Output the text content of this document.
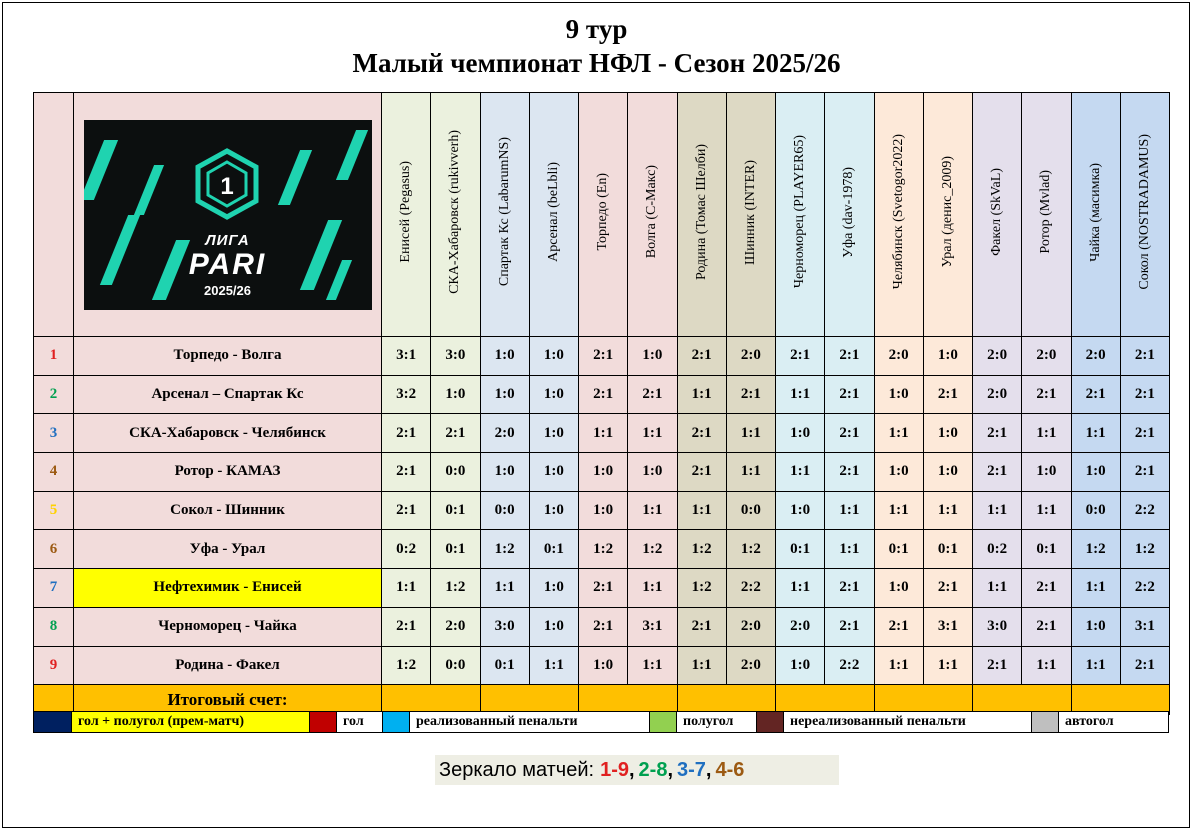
9 тур
Малый чемпионат НФЛ - Сезон 2025/26

1
ЛИГА
PARI
2025/26	Енисей (Pegasus)	СКА-Хабаровск (rukivverh)	Спартак Кс (LabarumNS)	Арсенал (beLbli)	Торпедо (En)	Волга (С-Макс)	Родина (Томас Шелби)	Шинник (INTER)	Черноморец (PLAYER65)	Уфа (dav-1978)	Челябинск (Svetogor2022)	Урал (денис_2009)	Факел (SkVaL)	Ротор (Mvlad)	Чайка (масимка)	Сокол (NOSTRADAMUS)
1	Торпедо - Волга	3:1	3:0	1:0	1:0	2:1	1:0	2:1	2:0	2:1	2:1	2:0	1:0	2:0	2:0	2:0	2:1
2	Арсенал – Спартак Кс	3:2	1:0	1:0	1:0	2:1	2:1	1:1	2:1	1:1	2:1	1:0	2:1	2:0	2:1	2:1	2:1
3	СКА-Хабаровск - Челябинск	2:1	2:1	2:0	1:0	1:1	1:1	2:1	1:1	1:0	2:1	1:1	1:0	2:1	1:1	1:1	2:1
4	Ротор - КАМАЗ	2:1	0:0	1:0	1:0	1:0	1:0	2:1	1:1	1:1	2:1	1:0	1:0	2:1	1:0	1:0	2:1
5	Сокол - Шинник	2:1	0:1	0:0	1:0	1:0	1:1	1:1	0:0	1:0	1:1	1:1	1:1	1:1	1:1	0:0	2:2
6	Уфа - Урал	0:2	0:1	1:2	0:1	1:2	1:2	1:2	1:2	0:1	1:1	0:1	0:1	0:2	0:1	1:2	1:2
7	Нефтехимик - Енисей	1:1	1:2	1:1	1:0	2:1	1:1	1:2	2:2	1:1	2:1	1:0	2:1	1:1	2:1	1:1	2:2
8	Черноморец - Чайка	2:1	2:0	3:0	1:0	2:1	3:1	2:1	2:0	2:0	2:1	2:1	3:1	3:0	2:1	1:0	3:1
9	Родина - Факел	1:2	0:0	0:1	1:1	1:0	1:1	1:1	2:0	1:0	2:2	1:1	1:1	2:1	1:1	1:1	2:1
	Итоговый счет:																
гол + полугол (прем-матч)	гол	реализованный пенальти	полугол	нереализованный пенальти	автогол
Зеркало матчей: 1-9 , 2-8 , 3-7 , 4-6
